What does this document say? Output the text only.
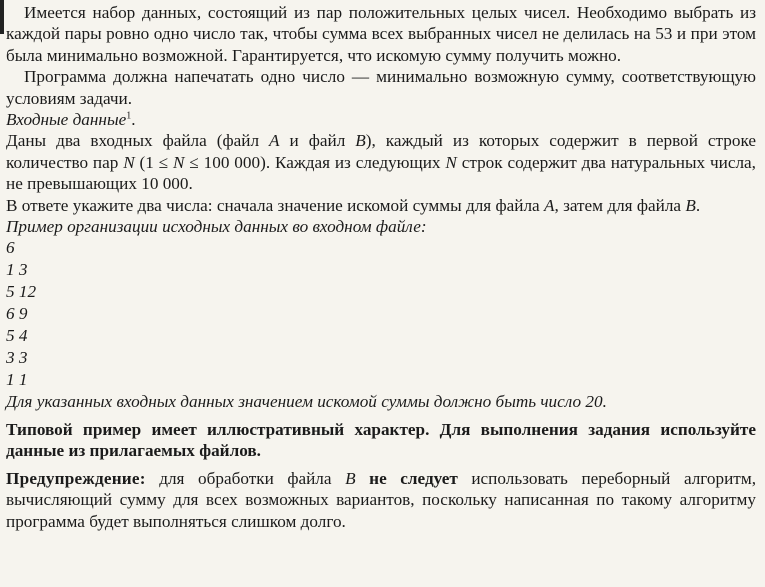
Имеется набор данных, состоящий из пар положительных целых чисел. Необходимо выбрать из каждой пары ровно одно число так, чтобы сумма всех выбранных чисел не делилась на 53 и при этом была минимально возможной. Гарантируется, что искомую сумму получить можно.

Программа должна напечатать одно число — минимально возможную сумму, соответствующую условиям задачи.

Входные данные$^1$.

Даны два входных файла (файл A и файл B), каждый из которых содержит в первой строке количество пар N (1 ≤ N ≤ 100 000). Каждая из следующих N строк содержит два натуральных числа, не превышающих 10 000.

В ответе укажите два числа: сначала значение искомой суммы для файла A, затем для файла B.

Пример организации исходных данных во входном файле:

6
1 3
5 12
6 9
5 4
3 3
1 1

Для указанных входных данных значением искомой суммы должно быть число 20.

Типовой пример имеет иллюстративный характер. Для выполнения задания используйте данные из прилагаемых файлов.

Предупреждение: для обработки файла B не следует использовать переборный алгоритм, вычисляющий сумму для всех возможных вариантов, поскольку написанная по такому алгоритму программа будет выполняться слишком долго.
